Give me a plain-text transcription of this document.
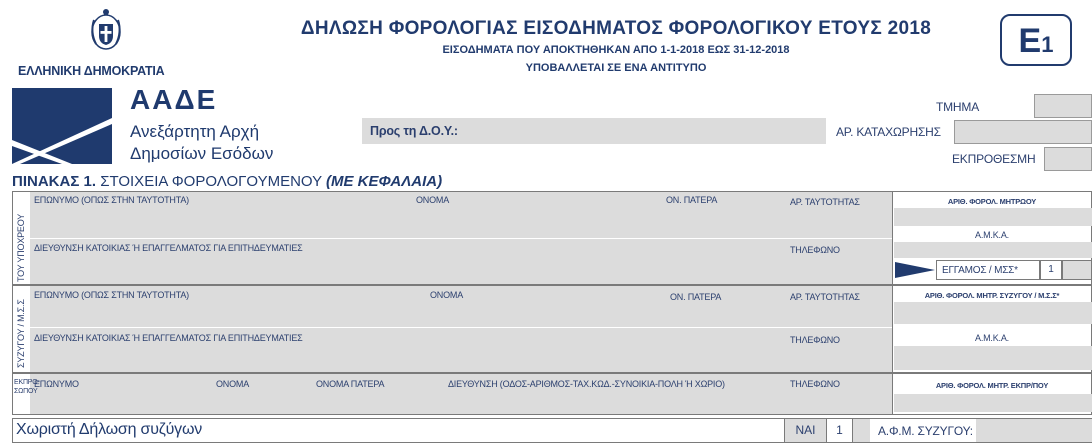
ΕΛΛΗΝΙΚΗ ΔΗΜΟΚΡΑΤΙΑ
ΑΑΔΕ
Ανεξάρτητη Αρχή
Δημοσίων Εσόδων
ΔΗΛΩΣΗ ΦΟΡΟΛΟΓΙΑΣ ΕΙΣΟΔΗΜΑΤΟΣ ΦΟΡΟΛΟΓΙΚΟΥ ΕΤΟΥΣ 2018
ΕΙΣΟΔΗΜΑΤΑ ΠΟΥ ΑΠΟΚΤΗΘΗΚΑΝ ΑΠΟ 1-1-2018 ΕΩΣ 31-12-2018
ΥΠΟΒΑΛΛΕΤΑΙ ΣΕ ΕΝΑ ΑΝΤΙΤΥΠΟ
Ε1
ΤΜΗΜΑ
ΑΡ. ΚΑΤΑΧΩΡΗΣΗΣ
ΕΚΠΡΟΘΕΣΜΗ
Προς τη Δ.Ο.Υ.:
ΠΙΝΑΚΑΣ 1. ΣΤΟΙΧΕΙΑ ΦΟΡΟΛΟΓΟΥΜΕΝΟΥ (ΜΕ ΚΕΦΑΛΑΙΑ)
ΤΟΥ ΥΠΟΧΡΕΟΥ
ΕΠΩΝΥΜΟ (ΟΠΩΣ ΣΤΗΝ ΤΑΥΤΟΤΗΤΑ)	ΟΝΟΜΑ	ΟΝ. ΠΑΤΕΡΑ	ΑΡ. ΤΑΥΤΟΤΗΤΑΣ
ΔΙΕΥΘΥΝΣΗ ΚΑΤΟΙΚΙΑΣ Ή ΕΠΑΓΓΕΛΜΑΤΟΣ ΓΙΑ ΕΠΙΤΗΔΕΥΜΑΤΙΕΣ	ΤΗΛΕΦΩΝΟ
ΑΡΙΘ. ΦΟΡΟΛ. ΜΗΤΡΩΟΥ
Α.Μ.Κ.Α.
ΕΓΓΑΜΟΣ / ΜΣΣ*	1
ΣΥΖΥΓΟΥ / Μ.Σ.Σ
ΕΠΩΝΥΜΟ (ΟΠΩΣ ΣΤΗΝ ΤΑΥΤΟΤΗΤΑ)	ΟΝΟΜΑ	ΟΝ. ΠΑΤΕΡΑ	ΑΡ. ΤΑΥΤΟΤΗΤΑΣ
ΔΙΕΥΘΥΝΣΗ ΚΑΤΟΙΚΙΑΣ Ή ΕΠΑΓΓΕΛΜΑΤΟΣ ΓΙΑ ΕΠΙΤΗΔΕΥΜΑΤΙΕΣ	ΤΗΛΕΦΩΝΟ
ΑΡΙΘ. ΦΟΡΟΛ. ΜΗΤΡ. ΣΥΖΥΓΟΥ / Μ.Σ.Σ*
Α.Μ.Κ.Α.
ΕΚΠΡΟ-
ΣΩΠΟΥ
ΕΠΩΝΥΜΟ	ΟΝΟΜΑ	ΟΝΟΜΑ ΠΑΤΕΡΑ	ΔΙΕΥΘΥΝΣΗ (ΟΔΟΣ-ΑΡΙΘΜΟΣ-ΤΑΧ.ΚΩΔ.-ΣΥΝΟΙΚΙΑ-ΠΟΛΗ Ή ΧΩΡΙΟ)	ΤΗΛΕΦΩΝΟ	ΑΡΙΘ. ΦΟΡΟΛ. ΜΗΤΡ. ΕΚΠΡ/ΠΟΥ
Χωριστή Δήλωση συζύγων	ΝΑΙ	1	Α.Φ.Μ. ΣΥΖΥΓΟΥ:
